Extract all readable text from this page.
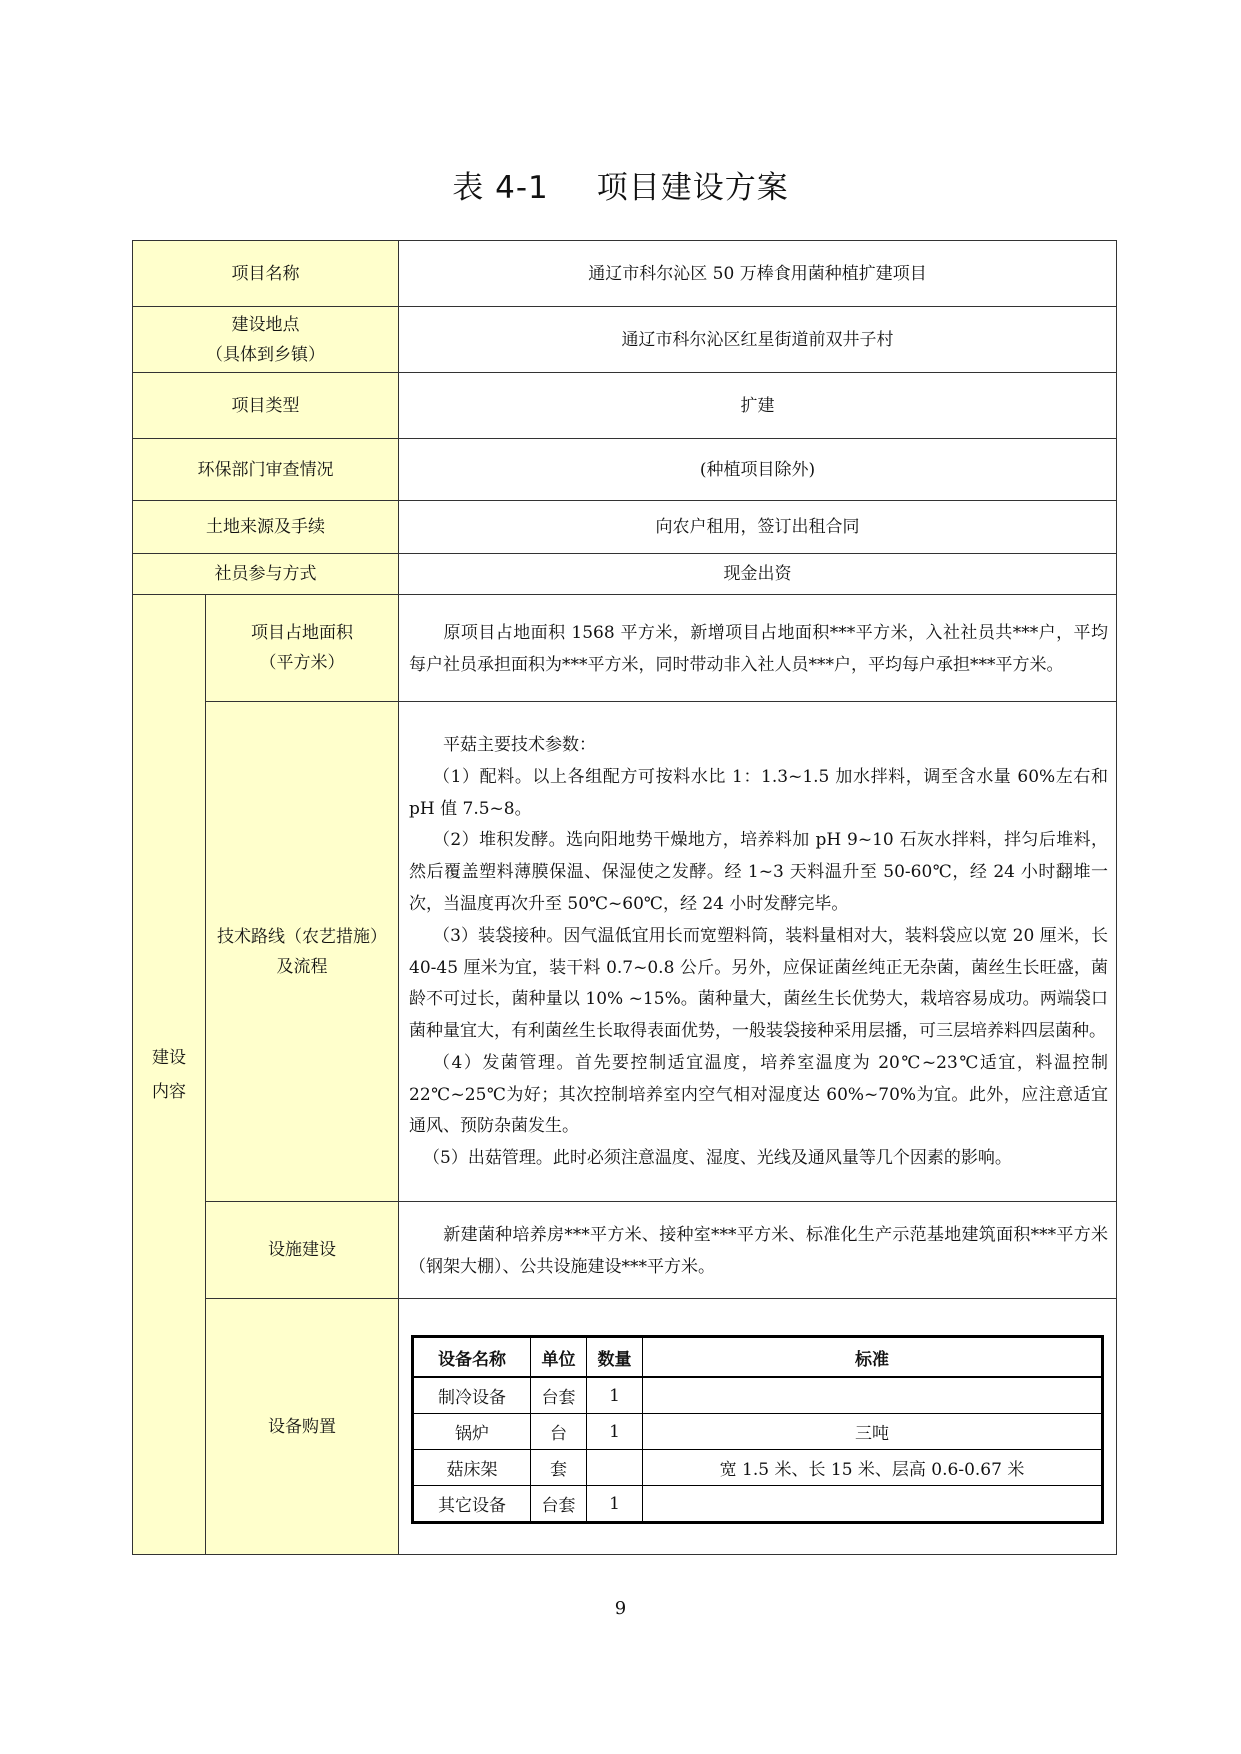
表 4-1 项目建设方案
项目名称	通辽市科尔沁区 50 万棒食用菌种植扩建项目

建设地点
（具体到乡镇）
	通辽市科尔沁区红星街道前双井子村
项目类型	扩建
环保部门审查情况	(种植项目除外)
土地来源及手续	向农户租用，签订出租合同
社员参与方式	现金出资

建设
内容

项目占地面积
（平方米）

原项目占地面积 1568 平方米，新增项目占地面积***平方米，入社社员共***户，平均每户社员承担面积为***平方米，同时带动非入社人员***户，平均每户承担***平方米。

技术路线（农艺措施）
及流程

平菇主要技术参数：

（1）配料。以上各组配方可按料水比 1：1.3~1.5 加水拌料，调至含水量 60%左右和 pH 值 7.5~8。

（2）堆积发酵。选向阳地势干燥地方，培养料加 pH 9~10 石灰水拌料，拌匀后堆料，然后覆盖塑料薄膜保温、保湿使之发酵。经 1~3 天料温升至 50-60℃，经 24 小时翻堆一次，当温度再次升至 50℃~60℃，经 24 小时发酵完毕。

（3）装袋接种。因气温低宜用长而宽塑料筒，装料量相对大，装料袋应以宽 20 厘米，长 40-45 厘米为宜，装干料 0.7~0.8 公斤。另外，应保证菌丝纯正无杂菌，菌丝生长旺盛，菌龄不可过长，菌种量以 10% ~15%。菌种量大，菌丝生长优势大，栽培容易成功。两端袋口菌种量宜大，有利菌丝生长取得表面优势，一般装袋接种采用层播，可三层培养料四层菌种。

（4）发菌管理。首先要控制适宜温度，培养室温度为 20℃~23℃适宜，料温控制 22℃~25℃为好；其次控制培养室内空气相对湿度达 60%~70%为宜。此外，应注意适宜通风、预防杂菌发生。

（5）出菇管理。此时必须注意温度、湿度、光线及通风量等几个因素的影响。

设施建设	
新建菌种培养房***平方米、接种室***平方米、标准化生产示范基地建筑面积***平方米（钢架大棚）、公共设施建设***平方米。

设备购置	
设备名称	单位	数量	标准
制冷设备	台套	1	
锅炉	台	1	三吨
菇床架	套		宽 1.5 米、长 15 米、层高 0.6-0.67 米
其它设备	台套	1	
9
